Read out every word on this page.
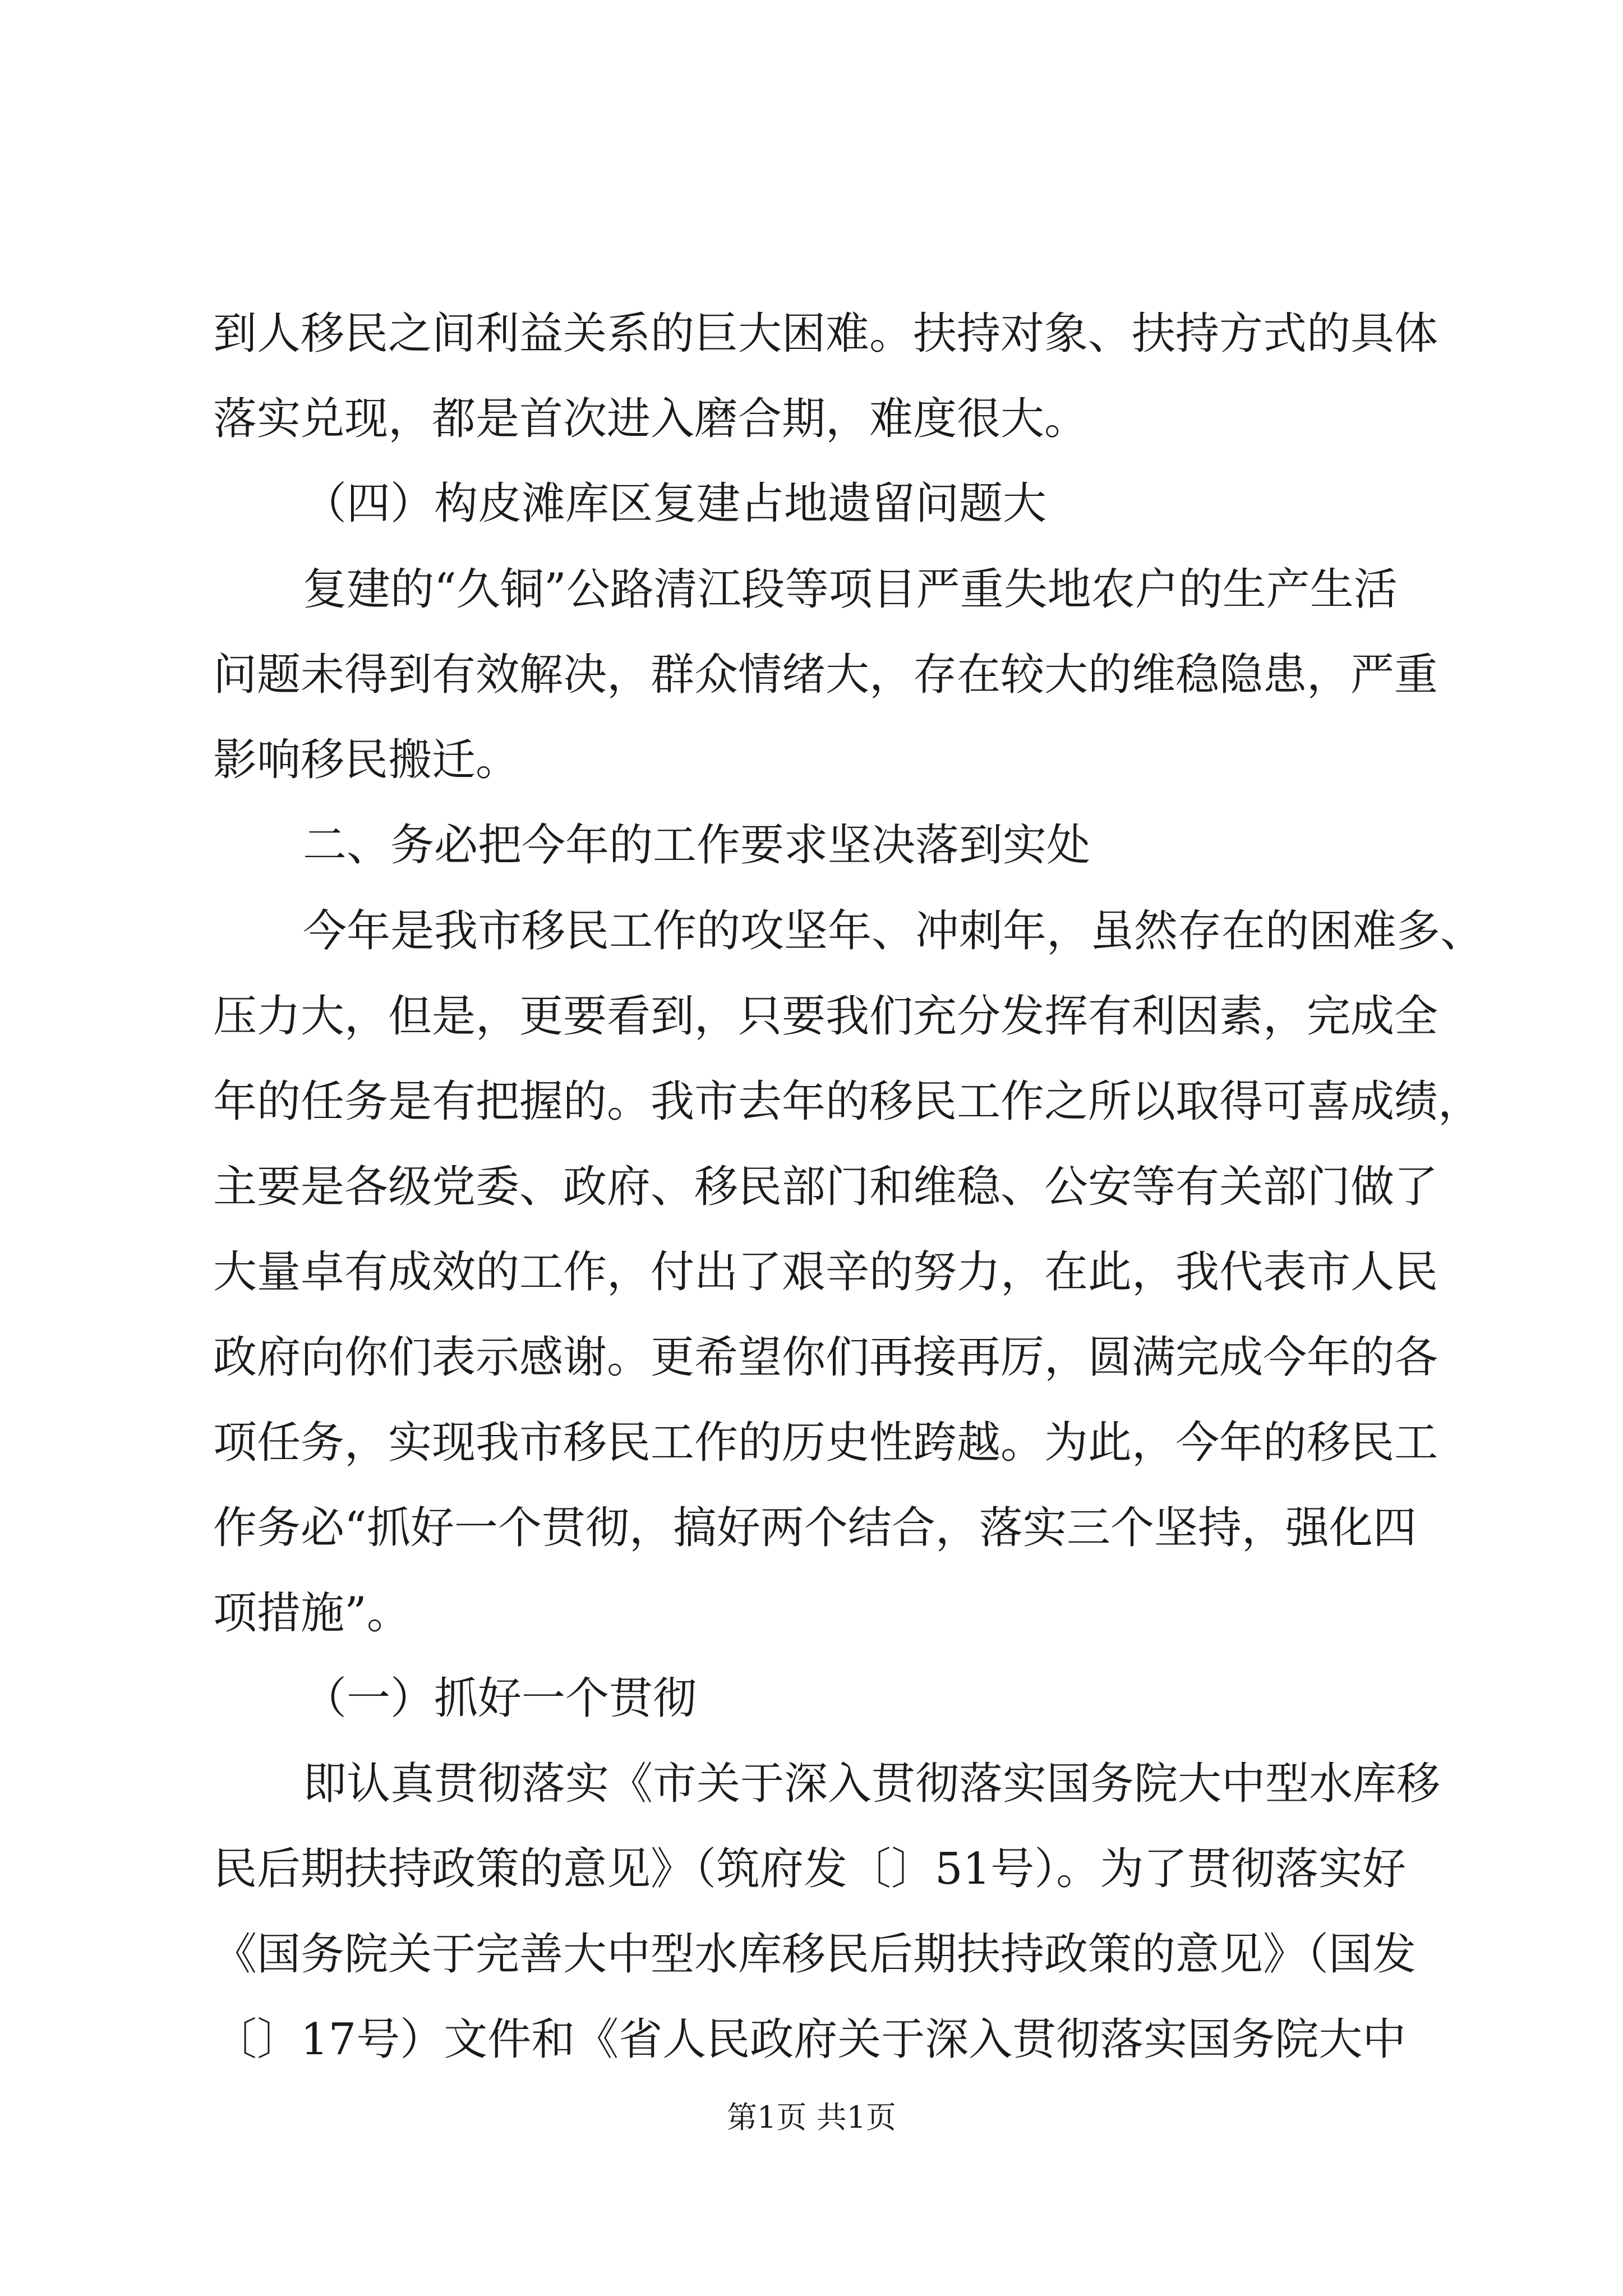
到人移民之间利益关系的巨大困难。扶持对象、扶持方式的具体
落实兑现，都是首次进入磨合期，难度很大。
（四）构皮滩库区复建占地遗留问题大
复建的“久铜”公路清江段等项目严重失地农户的生产生活
问题未得到有效解决，群众情绪大，存在较大的维稳隐患，严重
影响移民搬迁。
二、务必把今年的工作要求坚决落到实处
今年是我市移民工作的攻坚年、冲刺年，虽然存在的困难多、
压力大，但是，更要看到，只要我们充分发挥有利因素，完成全
年的任务是有把握的。我市去年的移民工作之所以取得可喜成绩，
主要是各级党委、政府、移民部门和维稳、公安等有关部门做了
大量卓有成效的工作，付出了艰辛的努力，在此，我代表市人民
政府向你们表示感谢。更希望你们再接再厉，圆满完成今年的各
项任务，实现我市移民工作的历史性跨越。为此，今年的移民工
作务必“抓好一个贯彻，搞好两个结合，落实三个坚持，强化四
项措施”。
（一）抓好一个贯彻
即认真贯彻落实《市关于深入贯彻落实国务院大中型水库移
民后期扶持政策的意见》（筑府发〔〕51号）。为了贯彻落实好
《国务院关于完善大中型水库移民后期扶持政策的意见》（国发
〔〕17号）文件和《省人民政府关于深入贯彻落实国务院大中
第1页 共1页
